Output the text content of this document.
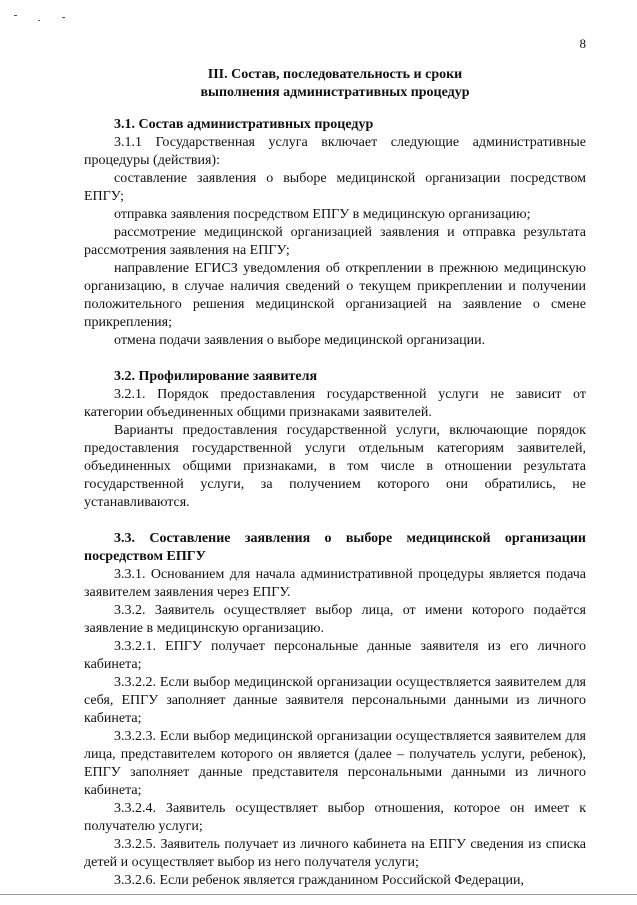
8
III. Состав, последовательность и сроки
выполнения административных процедур

3.1. Состав административных процедур

3.1.1 Государственная услуга включает следующие административные процедуры (действия):

составление заявления о выборе медицинской организации посредством ЕПГУ;

отправка заявления посредством ЕПГУ в медицинскую организацию;

рассмотрение медицинской организацией заявления и отправка результата рассмотрения заявления на ЕПГУ;

направление ЕГИСЗ уведомления об откреплении в прежнюю медицинскую организацию, в случае наличия сведений о текущем прикреплении и получении положительного решения медицинской организацией на заявление о смене прикрепления;

отмена подачи заявления о выборе медицинской организации.

3.2. Профилирование заявителя

3.2.1. Порядок предоставления государственной услуги не зависит от категории объединенных общими признаками заявителей.

Варианты предоставления государственной услуги, включающие порядок предоставления государственной услуги отдельным категориям заявителей, объединенных общими признаками, в том числе в отношении результата государственной услуги, за получением которого они обратились, не устанавливаются.

3.3. Составление заявления о выборе медицинской организации посредством ЕПГУ

3.3.1. Основанием для начала административной процедуры является подача заявителем заявления через ЕПГУ.

3.3.2. Заявитель осуществляет выбор лица, от имени которого подаётся заявление в медицинскую организацию.

3.3.2.1. ЕПГУ получает персональные данные заявителя из его личного кабинета;

3.3.2.2. Если выбор медицинской организации осуществляется заявителем для себя, ЕПГУ заполняет данные заявителя персональными данными из личного кабинета;

3.3.2.3. Если выбор медицинской организации осуществляется заявителем для лица, представителем которого он является (далее – получатель услуги, ребенок), ЕПГУ заполняет данные представителя персональными данными из личного кабинета;

3.3.2.4. Заявитель осуществляет выбор отношения, которое он имеет к получателю услуги;

3.3.2.5. Заявитель получает из личного кабинета на ЕПГУ сведения из списка детей и осуществляет выбор из него получателя услуги;

3.3.2.6. Если ребенок является гражданином Российской Федерации,
